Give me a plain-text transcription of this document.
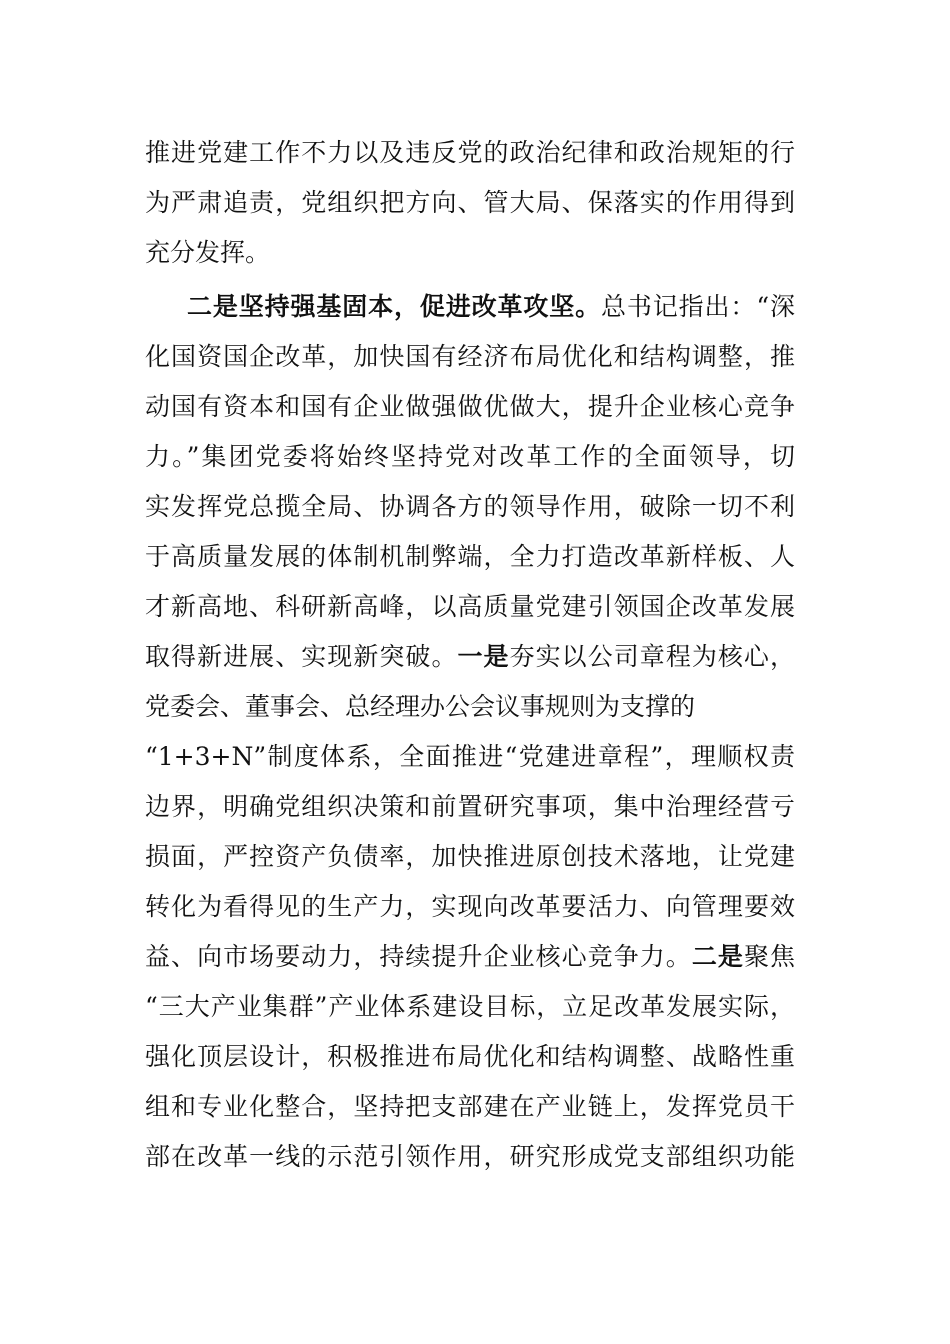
推进党建工作不力以及违反党的政治纪律和政治规矩的行
为严肃追责，党组织把方向、管大局、保落实的作用得到
充分发挥。
二是坚持强基固本，促进改革攻坚。总书记指出：“深
化国资国企改革，加快国有经济布局优化和结构调整，推
动国有资本和国有企业做强做优做大，提升企业核心竞争
力。”集团党委将始终坚持党对改革工作的全面领导，切
实发挥党总揽全局、协调各方的领导作用，破除一切不利
于高质量发展的体制机制弊端，全力打造改革新样板、人
才新高地、科研新高峰，以高质量党建引领国企改革发展
取得新进展、实现新突破。一是夯实以公司章程为核心，
党委会、董事会、总经理办公会议事规则为支撑的
“1+3+N”制度体系，全面推进“党建进章程”，理顺权责
边界，明确党组织决策和前置研究事项，集中治理经营亏
损面，严控资产负债率，加快推进原创技术落地，让党建
转化为看得见的生产力，实现向改革要活力、向管理要效
益、向市场要动力，持续提升企业核心竞争力。二是聚焦
“三大产业集群”产业体系建设目标，立足改革发展实际，
强化顶层设计，积极推进布局优化和结构调整、战略性重
组和专业化整合，坚持把支部建在产业链上，发挥党员干
部在改革一线的示范引领作用，研究形成党支部组织功能
